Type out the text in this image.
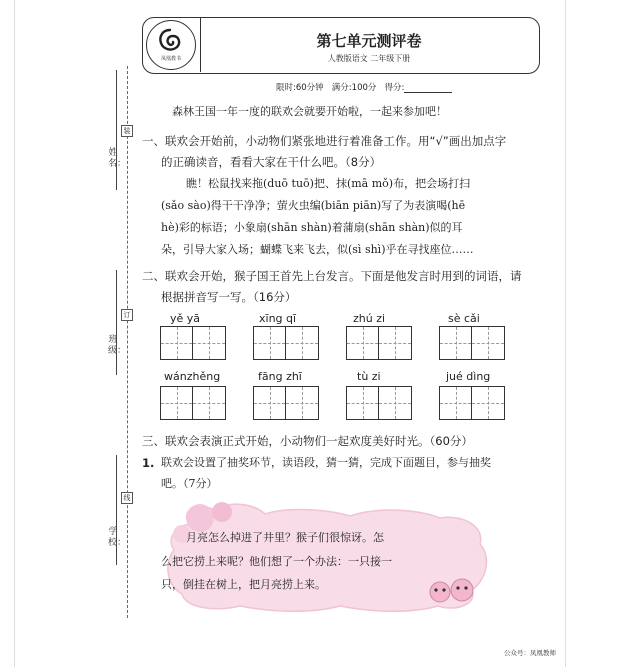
装
订
线
姓名：
班级：
学校：
凤凰教书
第七单元测评卷
人教版语文 二年级下册
限时:60分钟 满分:100分 得分:
森林王国一年一度的联欢会就要开始啦，一起来参加吧！
一、联欢会开始前，小动物们紧张地进行着准备工作。用“√”画出加点字
的正确读音，看看大家在干什么吧。（8分）
瞧！松鼠找来拖(duō tuō)把、抹(mā mǒ)布，把会场打扫
(sǎo sào)得干干净净；萤火虫编(biān piān)写了为表演喝(hē
hè)彩的标语；小象扇(shān shàn)着蒲扇(shān shàn)似的耳
朵，引导大家入场；蝴蝶飞来飞去，似(sì shì)乎在寻找座位……
二、联欢会开始，猴子国王首先上台发言。下面是他发言时用到的词语，请
根据拼音写一写。（16分）
yě yā	xīng qī	zhú zi	sè cǎi
wánzhěng	fāng zhī	tù zi	jué dìng
三、联欢会表演正式开始，小动物们一起欢度美好时光。（60分）
1. 联欢会设置了抽奖环节，读语段，猜一猜，完成下面题目，参与抽奖
吧。（7分）
月亮怎么掉进了井里？猴子们很惊讶。怎
么把它捞上来呢？他们想了一个办法：一只接一
只，倒挂在树上，把月亮捞上来。
公众号：凤凰教师
